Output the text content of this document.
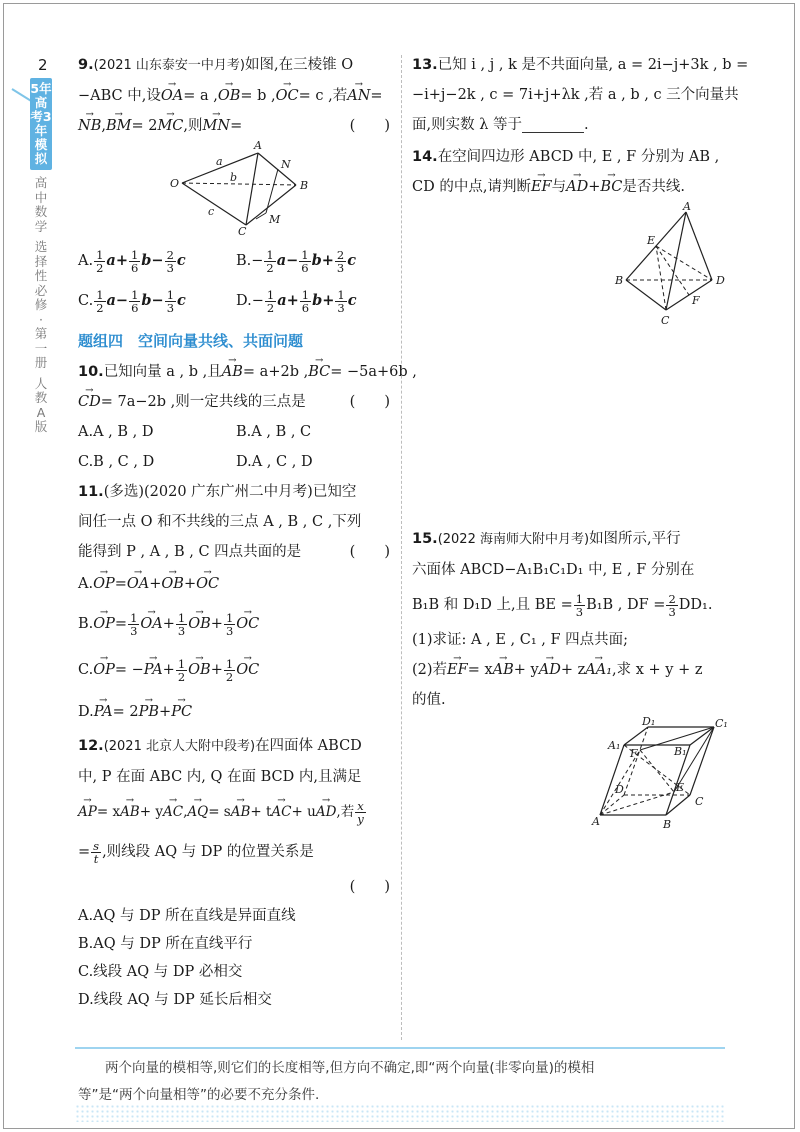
2
5年高考3年模拟
高中数学
选择性必修·第一册
人教A版
9.(2021 山东泰安一中月考)如图,在三棱锥 O
−ABC 中,设→ OA= a ,→ OB= b ,→ OC= c ,若→ AN=
→ NB,→ BM= 2→ MC,则→ MN=	(　　)
O
A
B
C
M
N
a
b
c
A. $\frac{1}{2} a+ \frac{1}{6} b- \frac{2}{3}$ c	$B.- \frac{1}{2} a- \frac{1}{6} b+ \frac{2}{3}$ c
C. $\frac{1}{2} a- \frac{1}{6} b- \frac{1}{3}$ c	$D.- \frac{1}{2} a+ \frac{1}{6} b+ \frac{1}{3}$ c
题组四　空间向量共线、共面问题
10.已知向量 a , b ,且→ AB= a+2b ,→ BC= −5a+6b ,
→ CD= 7a−2b ,则一定共线的三点是	(　　)
A.A , B , D	B.A , B , C
C.B , C , D	D.A , C , D
11.(多选)(2020 广东广州二中月考)已知空
间任一点 O 和不共线的三点 A , B , C ,下列
能得到 P , A , B , C 四点共面的是	(　　)
A.→ OP=→ OA+→ OB+→ OC
$B.\to OP= \frac{1}{3}$
→ $OA+ \frac{1}{3}$
→ $OB+ \frac{1}{3}$
→ OC
$C.\to OP= -\to PA+ \frac{1}{2}$
→ $OB+ \frac{1}{2}$
→ OC
D.→ PA= 2→ PB+→ PC
12.(2021 北京人大附中段考)在四面体 ABCD
中, P 在面 ABC 内, Q 在面 BCD 内,且满足
→ AP= x→ AB+ y→ AC,→ AQ= s→ AB+ t→ AC+ u→ AD,若 $\frac{x}{y}$
= $\frac{s}{t}$ ,则线段 AQ 与 DP 的位置关系是
(　　)

A.AQ 与 DP 所在直线是异面直线
B.AQ 与 DP 所在直线平行
C.线段 AQ 与 DP 必相交
D.线段 AQ 与 DP 延长后相交
13.已知 i , j , k 是不共面向量, a = 2i−j+3k , b =
−i+j−2k , c = 7i+j+λk ,若 a , b , c 三个向量共
面,则实数 λ 等于	.
14.在空间四边形 ABCD 中, E , F 分别为 AB ,
CD 的中点,请判断→ EF与→ AD+→ BC是否共线.
A
B
C
D
E
F
15.(2022 海南师大附中月考)如图所示,平行
六面体 ABCD−A₁B₁C₁D₁ 中, E , F 分别在
B₁B 和 D₁D 上,且 BE = $\frac{1}{3} B_1B$ , DF = $\frac{2}{3} DD_1$.
(1)求证: A , E , C₁ , F 四点共面;
(2)若→ EF= x→ AB+ y→ AD+ z→ AA₁,求 x + y + z
的值.
A	B
C
D
A₁	B₁
C₁
D₁
E
F

　　两个向量的模相等,则它们的长度相等,但方向不确定,即“两个向量(非零向量)的模相

等”是“两个向量相等”的必要不充分条件.
